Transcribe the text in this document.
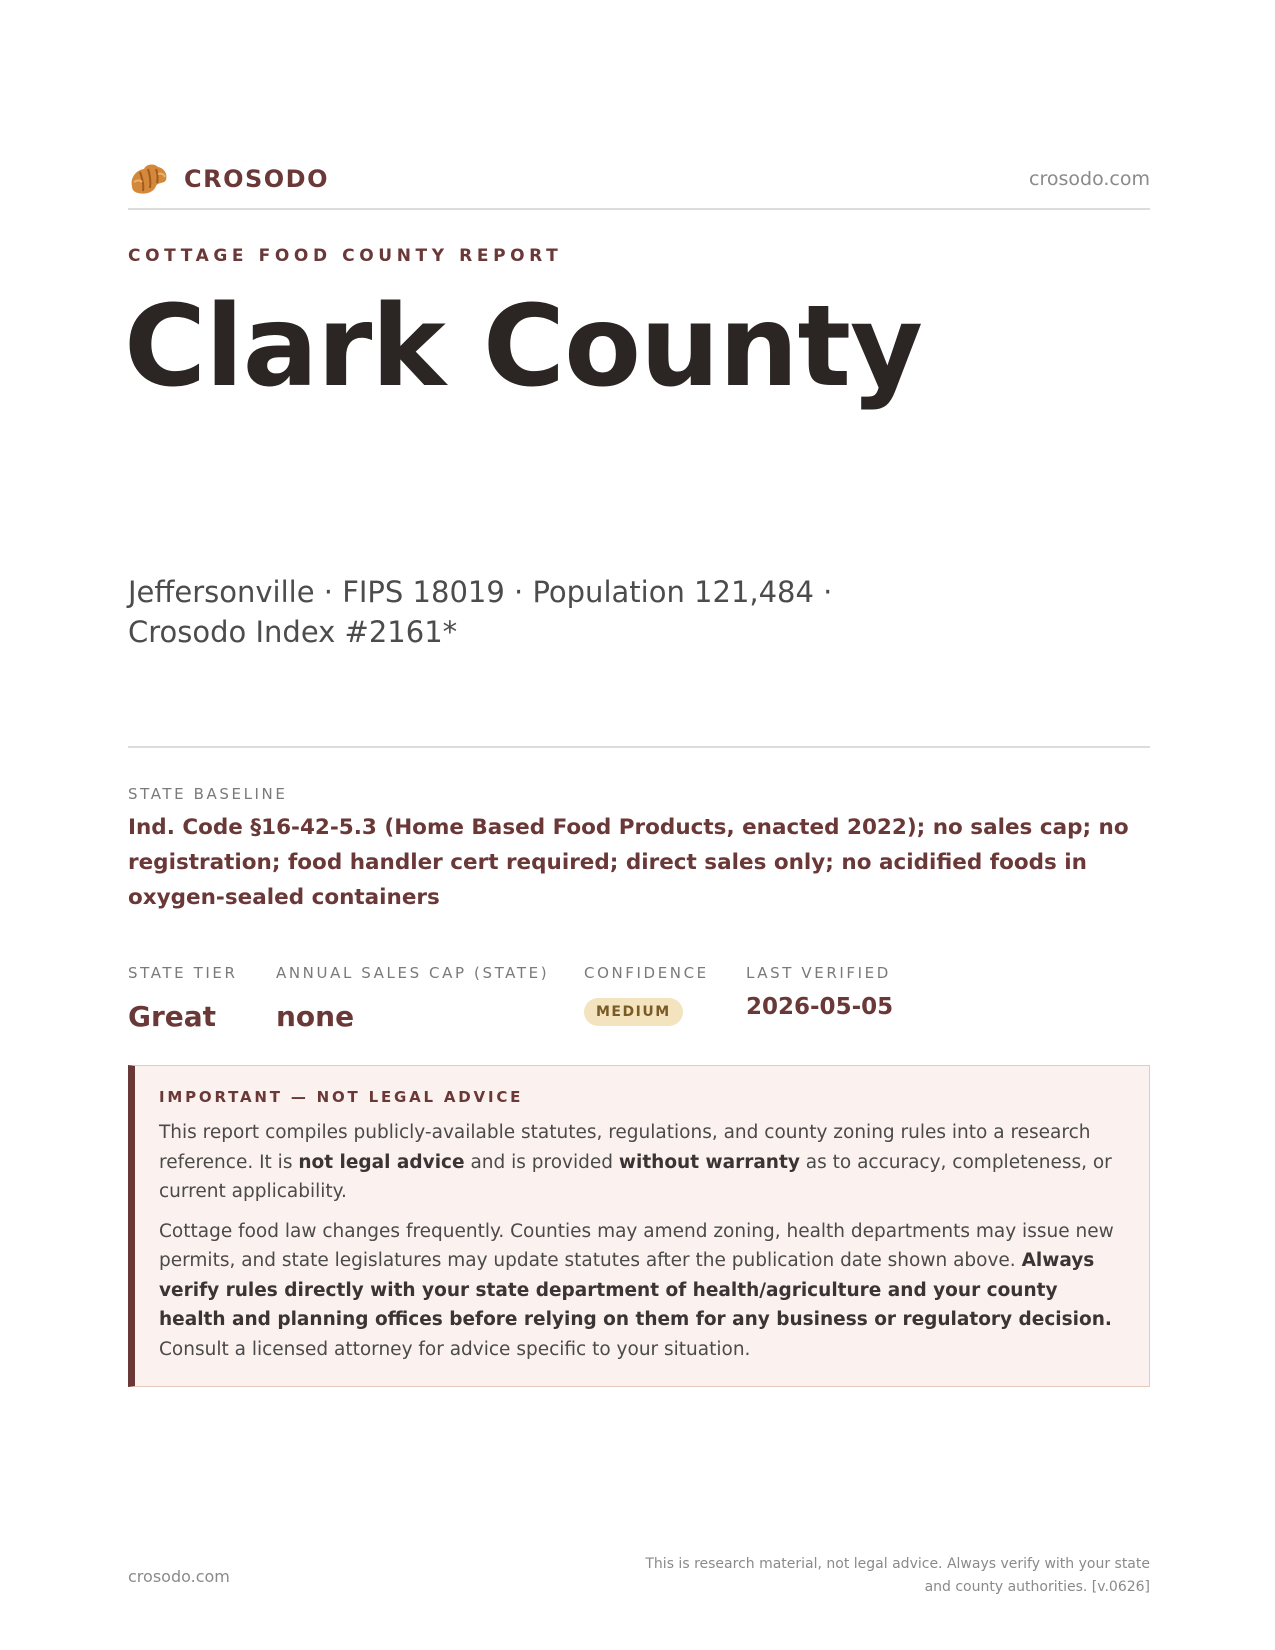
CROSODO	crosodo.com
COTTAGE FOOD COUNTY REPORT
Clark County
Jeffersonville · FIPS 18019 · Population 121,484 · Crosodo Index #2161*
STATE BASELINE
Ind. Code §16-42-5.3 (Home Based Food Products, enacted 2022); no sales cap; no registration; food handler cert required; direct sales only; no acidified foods in oxygen-sealed containers
STATE TIER
Great
ANNUAL SALES CAP (STATE)
none
CONFIDENCE
MEDIUM
LAST VERIFIED
2026-05-05
IMPORTANT — NOT LEGAL ADVICE

This report compiles publicly-available statutes, regulations, and county zoning rules into a research reference. It is not legal advice and is provided without warranty as to accuracy, completeness, or current applicability.

Cottage food law changes frequently. Counties may amend zoning, health departments may issue new permits, and state legislatures may update statutes after the publication date shown above. Always verify rules directly with your state department of health/agriculture and your county health and planning offices before relying on them for any business or regulatory decision. Consult a licensed attorney for advice specific to your situation.

crosodo.com
This is research material, not legal advice. Always verify with your state and county authorities. [v.0626]
